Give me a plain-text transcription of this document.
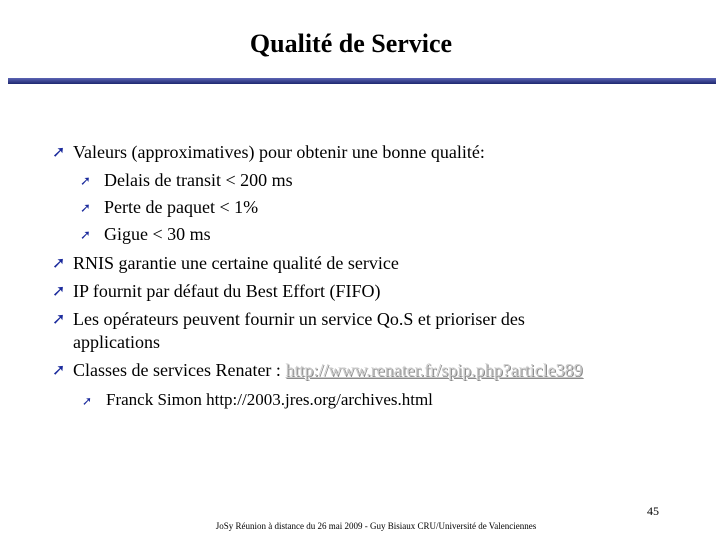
Qualité de Service
➚ Valeurs (approximatives) pour obtenir une bonne qualité:
➚ Delais de transit < 200 ms
➚ Perte de paquet < 1%
➚ Gigue < 30 ms
➚ RNIS garantie une certaine qualité de service
➚ IP fournit par défaut du Best Effort (FIFO)
➚ Les opérateurs peuvent fournir un service Qo.S et prioriser des
applications
➚ Classes de services Renater : http://www.renater.fr/spip.php?article389
➚ Franck Simon http://2003.jres.org/archives.html
45
JoSy Réunion à distance du 26 mai 2009 - Guy Bisiaux CRU/Université de Valenciennes
